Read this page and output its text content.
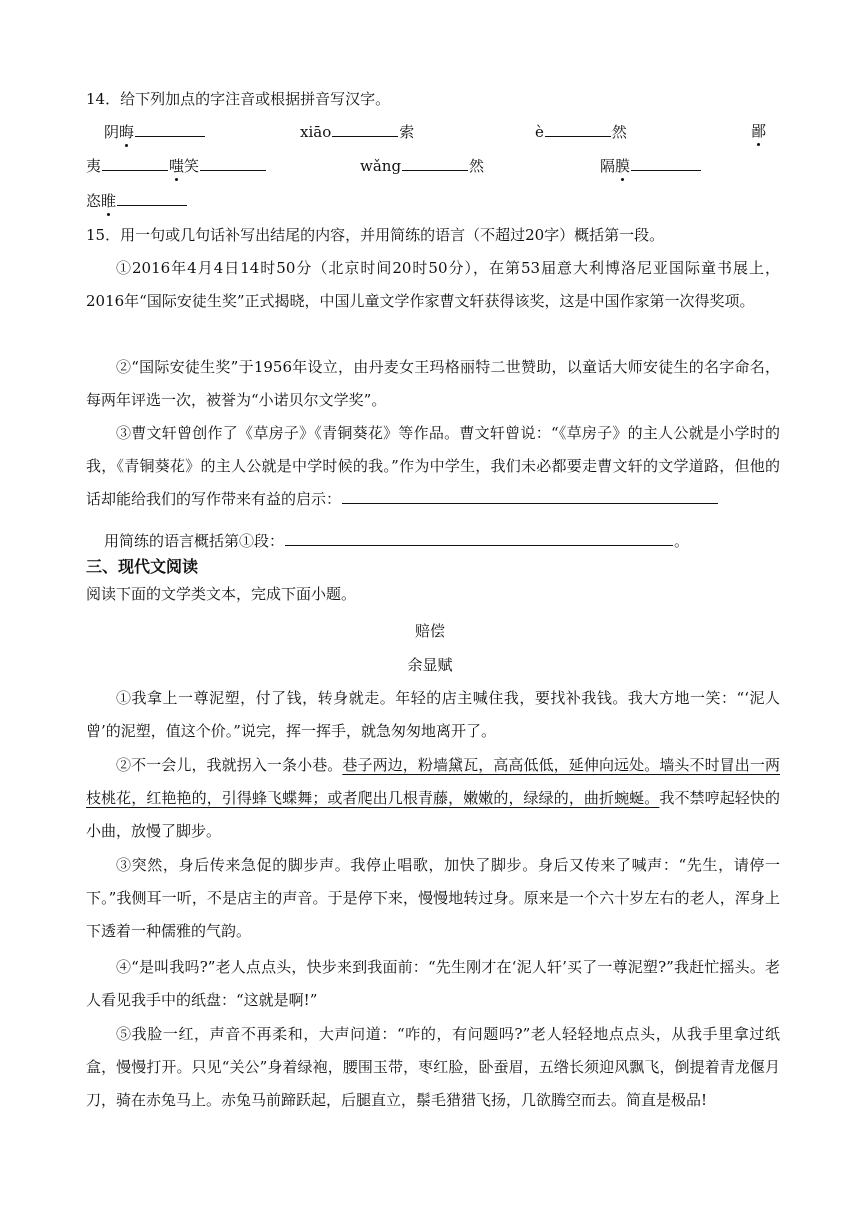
14．给下列加点的字注音或根据拼音写汉字。
阴晦	xiāo	索	è	然	鄙
夷	嗤笑	wǎng	然	隔膜
恣睢
15．用一句或几句话补写出结尾的内容，并用简练的语言（不超过20字）概括第一段。
①2016年4月4日14时50分（北京时间20时50分），在第53届意大利博洛尼亚国际童书展上， 2016年“国际安徒生奖”正式揭晓，中国儿童文学作家曹文轩获得该奖，这是中国作家第一次得奖项。
②“国际安徒生奖”于1956年设立，由丹麦女王玛格丽特二世赞助，以童话大师安徒生的名字命名，每两年评选一次，被誉为“小诺贝尔文学奖”。
③曹文轩曾创作了《草房子》《青铜葵花》等作品。曹文轩曾说：“《草房子》的主人公就是小学时的我，《青铜葵花》的主人公就是中学时候的我。”作为中学生，我们未必都要走曹文轩的文学道路，但他的话却能给我们的写作带来有益的启示：
用简练的语言概括第①段：	。
三、现代文阅读
阅读下面的文学类文本，完成下面小题。
赔偿
余显赋
①我拿上一尊泥塑，付了钱，转身就走。年轻的店主喊住我，要找补我钱。我大方地一笑：“‘泥人曾’的泥塑，值这个价。”说完，挥一挥手，就急匆匆地离开了。
②不一会儿，我就拐入一条小巷。巷子两边，粉墙黛瓦，高高低低，延伸向远处。墙头不时冒出一两枝桃花，红艳艳的，引得蜂飞蝶舞；或者爬出几根青藤，嫩嫩的，绿绿的，曲折蜿蜒。我不禁哼起轻快的小曲，放慢了脚步。
③突然，身后传来急促的脚步声。我停止唱歌，加快了脚步。身后又传来了喊声：“先生，请停一下。”我侧耳一听，不是店主的声音。于是停下来，慢慢地转过身。原来是一个六十岁左右的老人，浑身上下透着一种儒雅的气韵。
④“是叫我吗?”老人点点头，快步来到我面前：“先生刚才在‘泥人轩’买了一尊泥塑?”我赶忙摇头。老人看见我手中的纸盘：“这就是啊!”
⑤我脸一红，声音不再柔和，大声问道：“咋的，有问题吗?”老人轻轻地点点头，从我手里拿过纸盒，慢慢打开。只见“关公”身着绿袍，腰围玉带，枣红脸，卧蚕眉，五绺长须迎风飘飞，倒提着青龙偃月刀，骑在赤兔马上。赤兔马前蹄跃起，后腿直立，鬃毛猎猎飞扬，几欲腾空而去。简直是极品!
